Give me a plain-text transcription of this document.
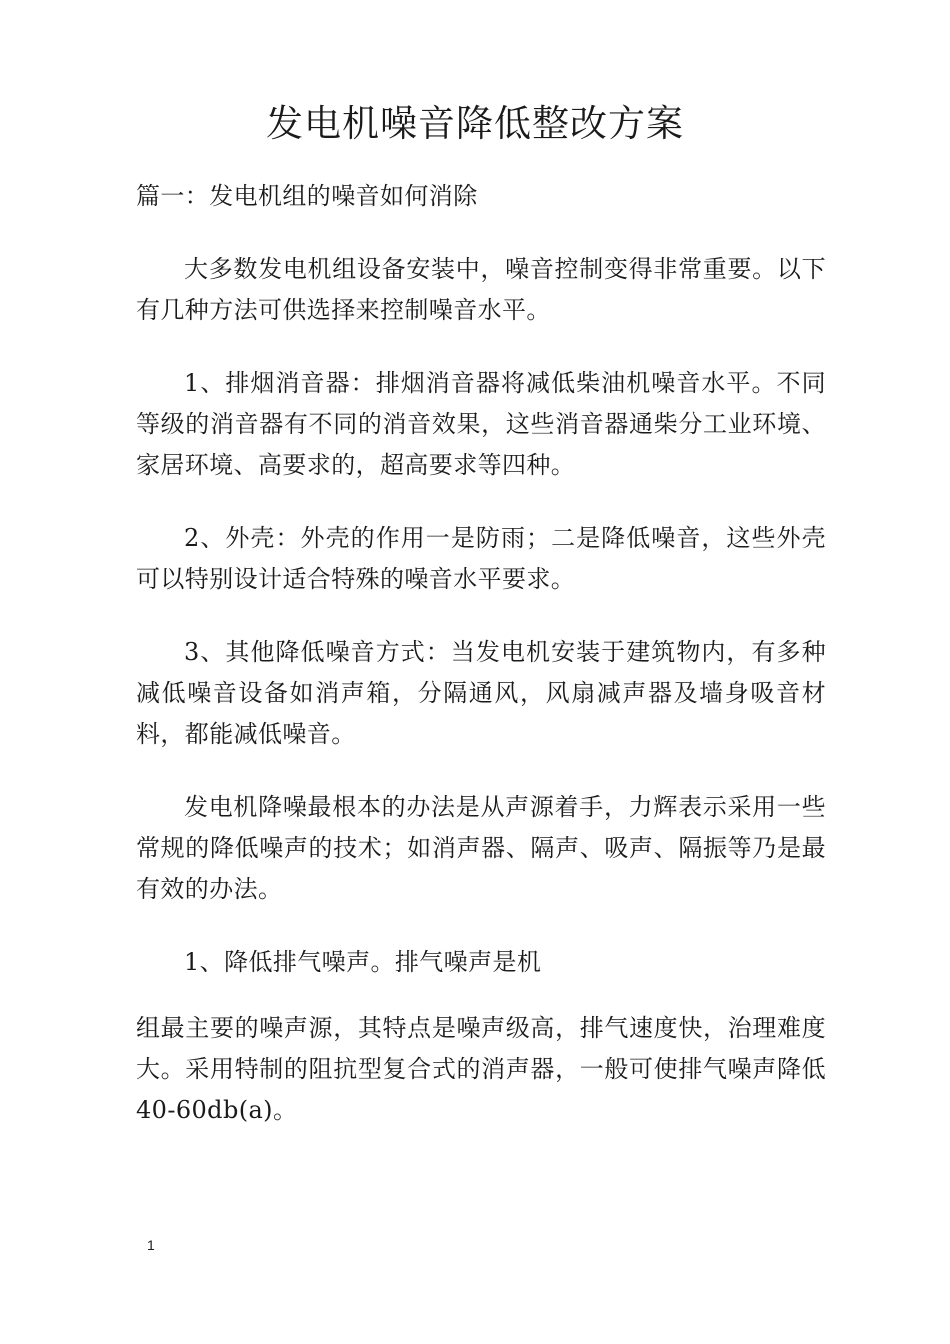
发电机噪音降低整改方案

篇一：发电机组的噪音如何消除

大多数发电机组设备安装中，噪音控制变得非常重要。以下有几种方法可供选择来控制噪音水平。

1、排烟消音器：排烟消音器将减低柴油机噪音水平。不同等级的消音器有不同的消音效果，这些消音器通柴分工业环境、家居环境、高要求的，超高要求等四种。

2、外壳：外壳的作用一是防雨；二是降低噪音，这些外壳可以特别设计适合特殊的噪音水平要求。

3、其他降低噪音方式：当发电机安装于建筑物内，有多种减低噪音设备如消声箱，分隔通风，风扇减声器及墙身吸音材料，都能减低噪音。

发电机降噪最根本的办法是从声源着手，力辉表示采用一些常规的降低噪声的技术；如消声器、隔声、吸声、隔振等乃是最有效的办法。

1、降低排气噪声。排气噪声是机

组最主要的噪声源，其特点是噪声级高，排气速度快，治理难度大。采用特制的阻抗型复合式的消声器，一般可使排气噪声降低40-60db(a)。

1
